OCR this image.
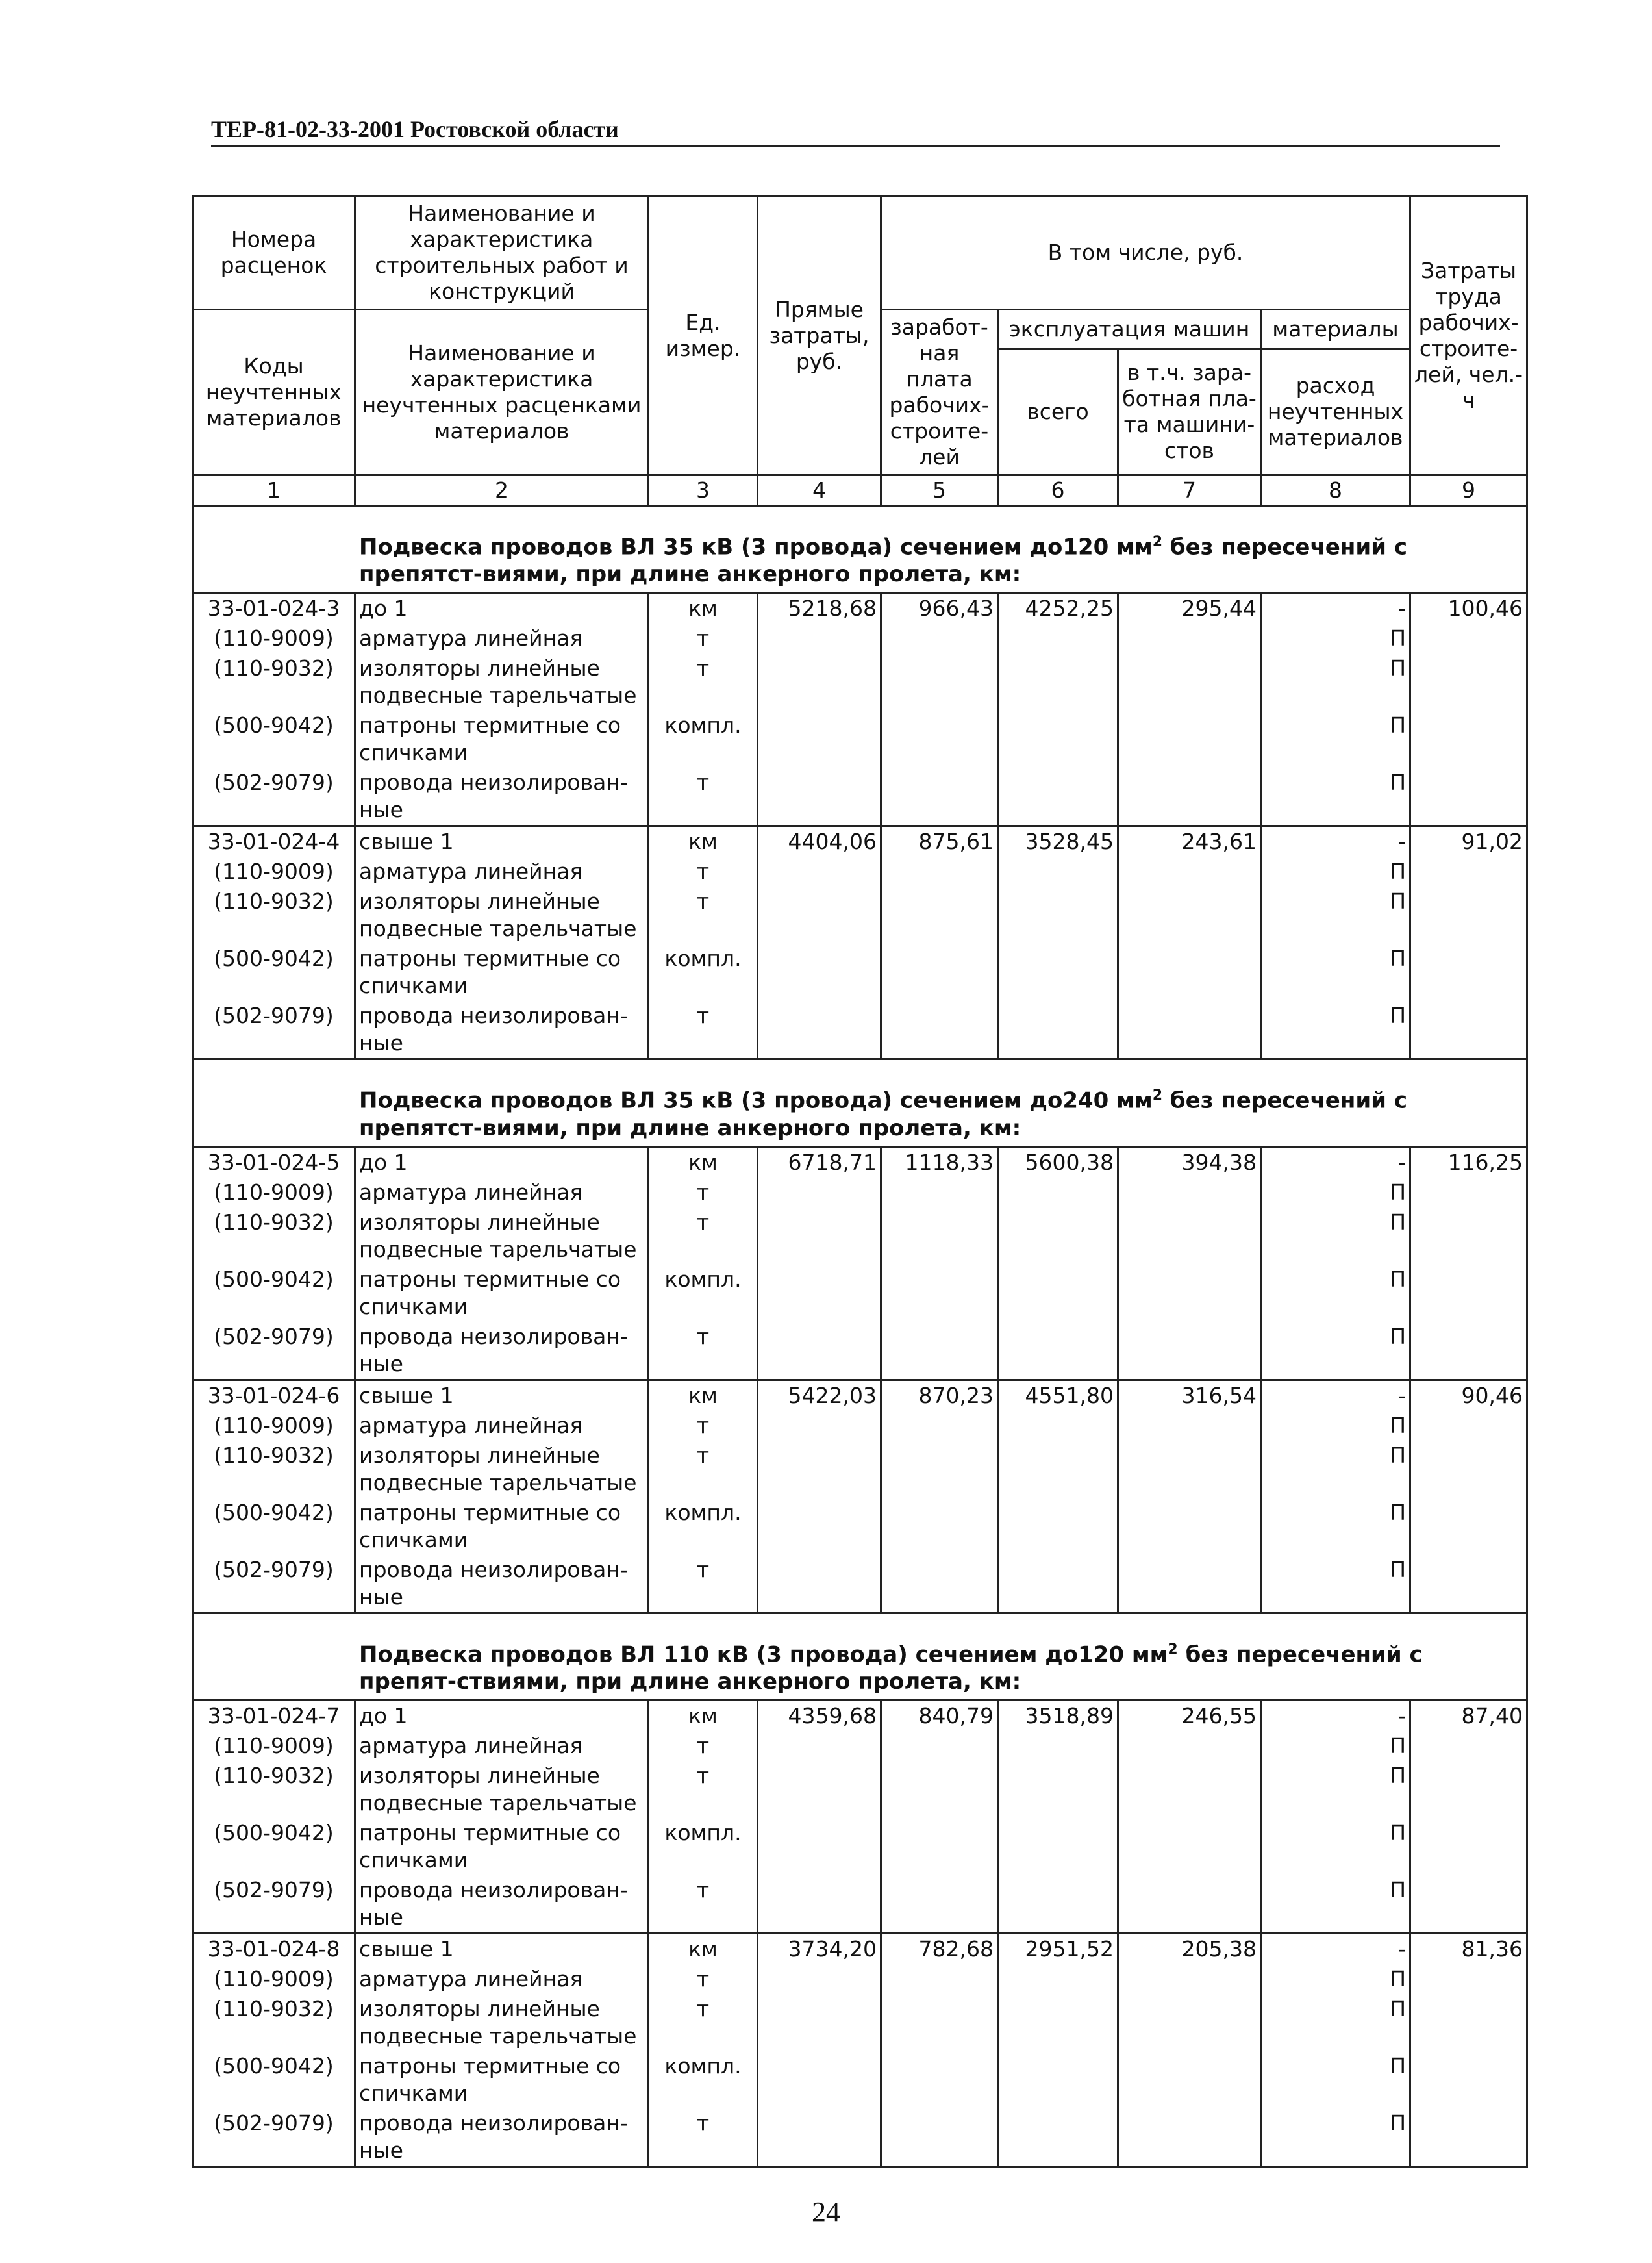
ТЕР-81-02-33-2001 Ростовской области
Номера расценок	Наименование и характеристика строительных работ и конструкций	Ед. измер.	Прямые затраты, руб.	В том числе, руб.				Затраты труда рабочих-строите-лей, чел.-ч
Коды неучтенных материалов	Наименование и характеристика неучтенных расценками материалов			заработ-ная плата рабочих-строите-лей	эксплуатация машин		материалы	
					всего	в т.ч. зара-ботная пла-та машини-стов	расход неучтенных материалов	
1	2	3	4	5	6	7	8	9
Подвеска проводов ВЛ 35 кВ (3 провода) сечением до120 $мм^2$ без пересечений с препятст-виями, при длине анкерного пролета, км:								
33-01-024-3	до 1	км	5218,68	966,43	4252,25	295,44	-	100,46
(110-9009)	арматура линейная	т					П	
(110-9032)	изоляторы линейные подвесные тарельчатые	т					П	
(500-9042)	патроны термитные со спичками	компл.					П	
(502-9079)	провода неизолирован-ные	т					П	
33-01-024-4	свыше 1	км	4404,06	875,61	3528,45	243,61	-	91,02
(110-9009)	арматура линейная	т					П	
(110-9032)	изоляторы линейные подвесные тарельчатые	т					П	
(500-9042)	патроны термитные со спичками	компл.					П	
(502-9079)	провода неизолирован-ные	т					П	
Подвеска проводов ВЛ 35 кВ (3 провода) сечением до240 $мм^2$ без пересечений с препятст-виями, при длине анкерного пролета, км:								
33-01-024-5	до 1	км	6718,71	1118,33	5600,38	394,38	-	116,25
(110-9009)	арматура линейная	т					П	
(110-9032)	изоляторы линейные подвесные тарельчатые	т					П	
(500-9042)	патроны термитные со спичками	компл.					П	
(502-9079)	провода неизолирован-ные	т					П	
33-01-024-6	свыше 1	км	5422,03	870,23	4551,80	316,54	-	90,46
(110-9009)	арматура линейная	т					П	
(110-9032)	изоляторы линейные подвесные тарельчатые	т					П	
(500-9042)	патроны термитные со спичками	компл.					П	
(502-9079)	провода неизолирован-ные	т					П	
Подвеска проводов ВЛ 110 кВ (3 провода) сечением до120 $мм^2$ без пересечений с препят-ствиями, при длине анкерного пролета, км:								
33-01-024-7	до 1	км	4359,68	840,79	3518,89	246,55	-	87,40
(110-9009)	арматура линейная	т					П	
(110-9032)	изоляторы линейные подвесные тарельчатые	т					П	
(500-9042)	патроны термитные со спичками	компл.					П	
(502-9079)	провода неизолирован-ные	т					П	
33-01-024-8	свыше 1	км	3734,20	782,68	2951,52	205,38	-	81,36
(110-9009)	арматура линейная	т					П	
(110-9032)	изоляторы линейные подвесные тарельчатые	т					П	
(500-9042)	патроны термитные со спичками	компл.					П	
(502-9079)	провода неизолирован-ные	т					П	
24
